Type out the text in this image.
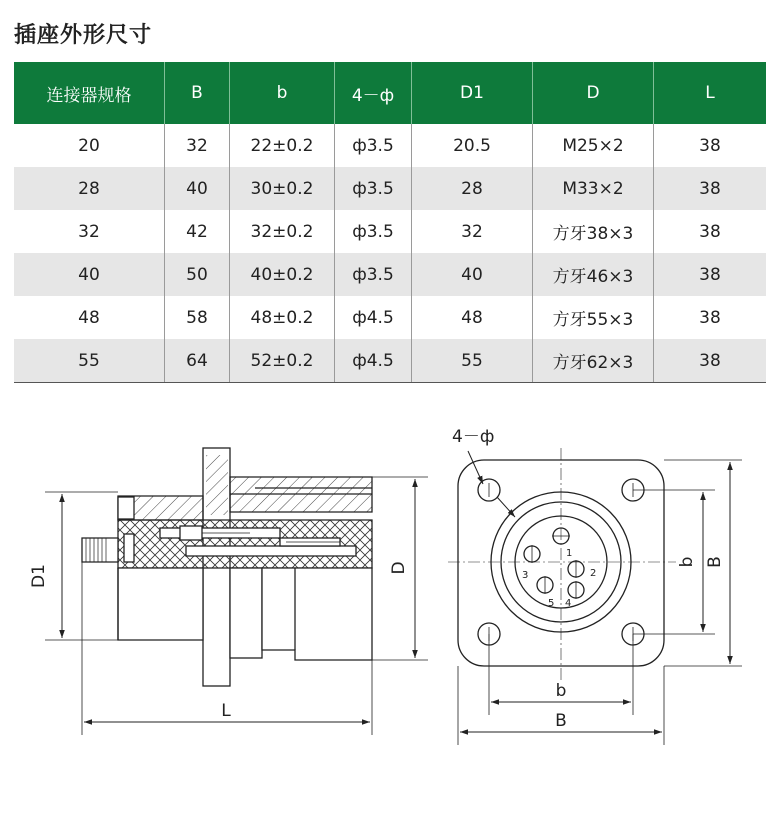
插座外形尺寸
连接器规格	B	b	4－ф	D1	D	L
20	32	22±0.2	ф3.5	20.5	M25×2	38
28	40	30±0.2	ф3.5	28	M33×2	38
32	42	32±0.2	ф3.5	32	方牙38×3	38
40	50	40±0.2	ф3.5	40	方牙46×3	38
48	58	48±0.2	ф4.5	48	方牙55×3	38
55	64	52±0.2	ф4.5	55	方牙62×3	38
D1	D
L
4－ф
b B
b
B
1
2
3
4
5
